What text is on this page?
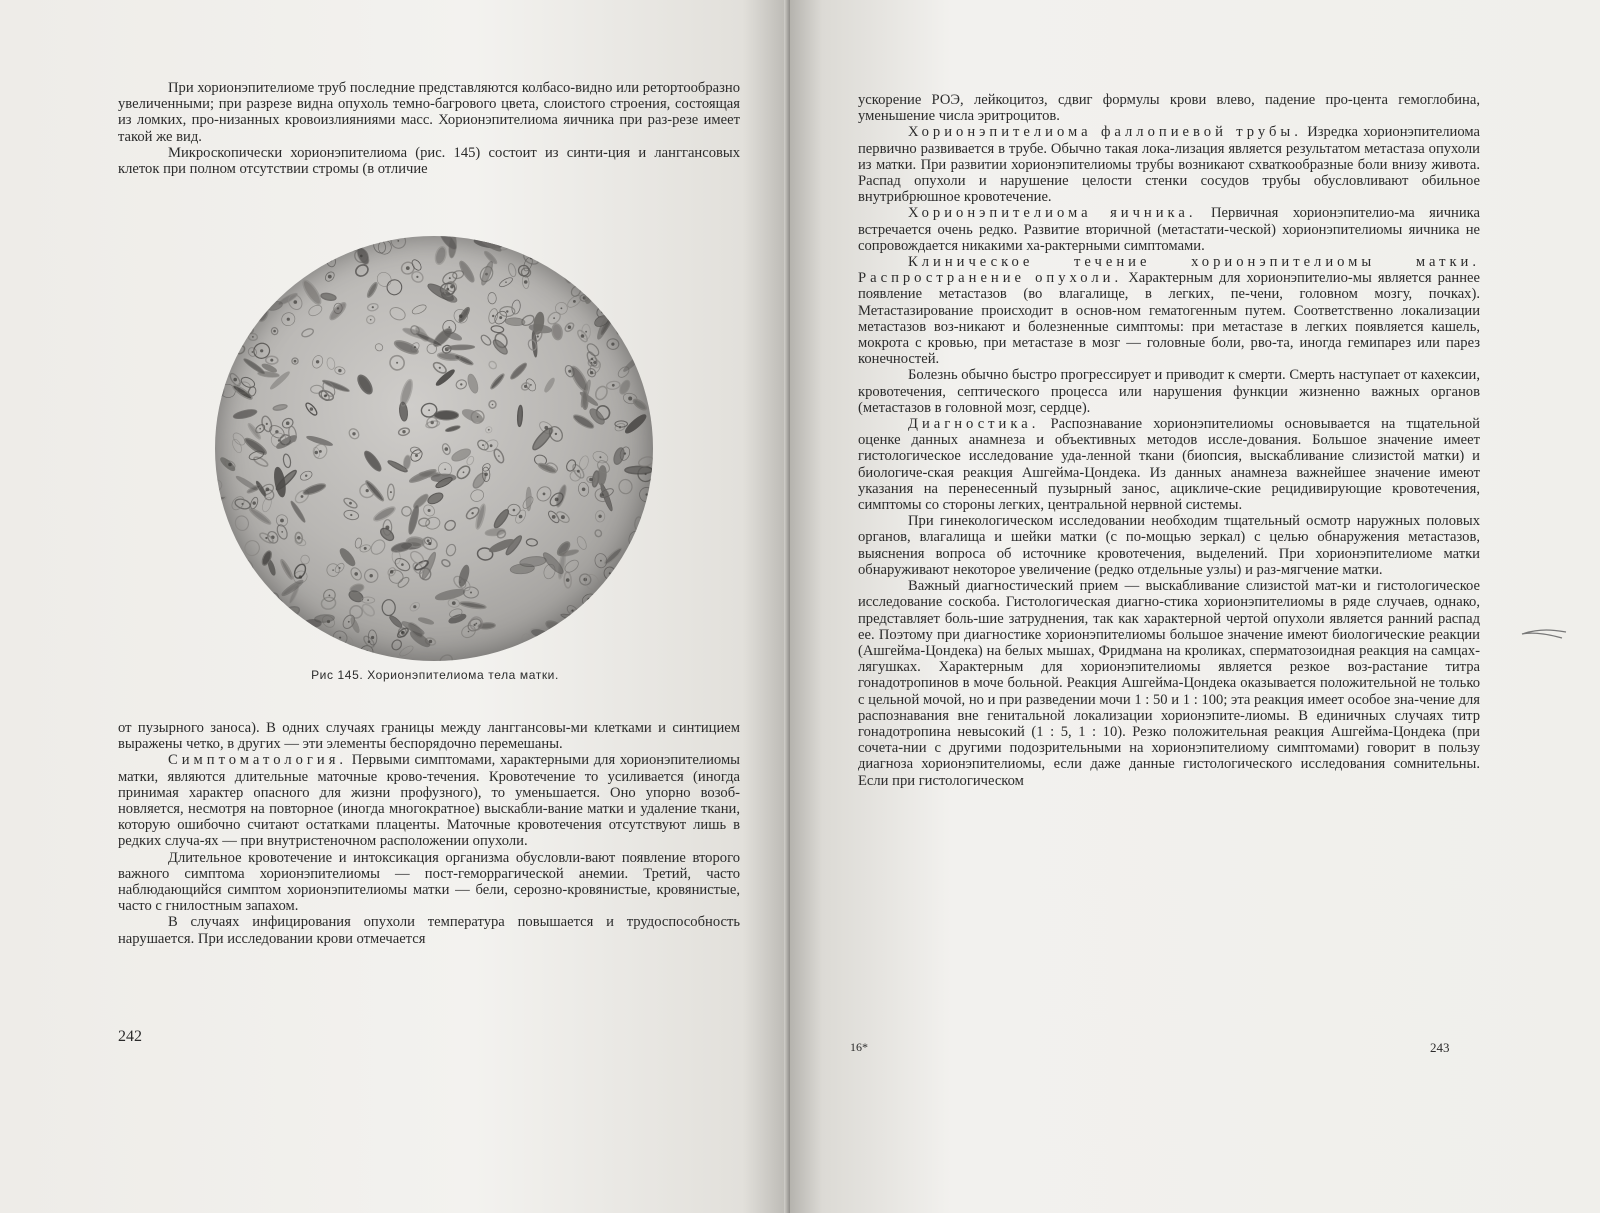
При хорионэпителиоме труб последние представляются колбасо-видно или ретортообразно увеличенными; при разрезе видна опухоль темно-багрового цвета, слоистого строения, состоящая из ломких, про-низанных кровоизлияниями масс. Хорионэпителиома яичника при раз-резе имеет такой же вид.

Микроскопически хорионэпителиома (рис. 145) состоит из синти-ция и лангганcовых клеток при полном отсутствии стромы (в отличие

Рис 145. Хорионэпителиома тела матки.

от пузырного заноса). В одних случаях границы между лангганcовы-ми клетками и синтицием выражены четко, в других — эти элементы беспорядочно перемешаны.

Симптоматология. Первыми симптомами, характерными для хорионэпителиомы матки, являются длительные маточные крово-течения. Кровотечение то усиливается (иногда принимая характер опасного для жизни профузного), то уменьшается. Оно упорно возоб-новляется, несмотря на повторное (иногда многократное) выскабли-вание матки и удаление ткани, которую ошибочно считают остатками плаценты. Маточные кровотечения отсутствуют лишь в редких случа-ях — при внутристеночном расположении опухоли.

Длительное кровотечение и интоксикация организма обусловли-вают появление второго важного симптома хорионэпителиомы — пост-геморрагической анемии. Третий, часто наблюдающийся симптом хорионэпителиомы матки — бели, серозно-кровянистые, кровянистые, часто с гнилостным запахом.

В случаях инфицирования опухоли температура повышается и трудоспособность нарушается. При исследовании крови отмечается

242

ускорение РОЭ, лейкоцитоз, сдвиг формулы крови влево, падение про-цента гемоглобина, уменьшение числа эритроцитов.

Хорионэпителиома фаллопиевой трубы. Изредка хорионэпителиома первично развивается в трубе. Обычно такая лока-лизация является результатом метастаза опухоли из матки. При развитии хорионэпителиомы трубы возникают схваткообразные боли внизу живота. Распад опухоли и нарушение целости стенки сосудов трубы обусловливают обильное внутрибрюшное кровотечение.

Хорионэпителиома яичника. Первичная хорионэпителио-ма яичника встречается очень редко. Развитие вторичной (метастати-ческой) хорионэпителиомы яичника не сопровождается никакими ха-рактерными симптомами.

Клиническое течение хорионэпителиомы матки. Распространение опухоли. Характерным для хорионэпителио-мы является раннее появление метастазов (во влагалище, в легких, пе-чени, головном мозгу, почках). Метастазирование происходит в основ-ном гематогенным путем. Соответственно локализации метастазов воз-никают и болезненные симптомы: при метастазе в легких появляется кашель, мокрота с кровью, при метастазе в мозг — головные боли, рво-та, иногда гемипарез или парез конечностей.

Болезнь обычно быстро прогрессирует и приводит к смерти. Смерть наступает от кахексии, кровотечения, септического процесса или нарушения функции жизненно важных органов (метастазов в головной мозг, сердце).

Диагностика. Распознавание хорионэпителиомы основывается на тщательной оценке данных анамнеза и объективных методов иссле-дования. Большое значение имеет гистологическое исследование уда-ленной ткани (биопсия, выскабливание слизистой матки) и биологиче-ская реакция Ашгейма-Цондека. Из данных анамнеза важнейшее значение имеют указания на перенесенный пузырный занос, ацикличе-ские рецидивирующие кровотечения, симптомы со стороны легких, центральной нервной системы.

При гинекологическом исследовании необходим тщательный осмотр наружных половых органов, влагалища и шейки матки (с по-мощью зеркал) с целью обнаружения метастазов, выяснения вопроса об источнике кровотечения, выделений. При хорионэпителиоме матки обнаруживают некоторое увеличение (редко отдельные узлы) и раз-мягчение матки.

Важный диагностический прием — выскабливание слизистой мат-ки и гистологическое исследование соскоба. Гистологическая диагно-стика хорионэпителиомы в ряде случаев, однако, представляет боль-шие затруднения, так как характерной чертой опухоли является ранний распад ее. Поэтому при диагностике хорионэпителиомы большое значение имеют биологические реакции (Ашгейма-Цондека) на белых мышах, Фридмана на кроликах, сперматозоидная реакция на самцах-лягушках. Характерным для хорионэпителиомы является резкое воз-растание титра гонадотропинов в моче больной. Реакция Ашгейма-Цондека оказывается положительной не только с цельной мочой, но и при разведении мочи 1 : 50 и 1 : 100; эта реакция имеет особое зна-чение для распознавания вне генитальной локализации хорионэпите-лиомы. В единичных случаях титр гонадотропина невысокий (1 : 5, 1 : 10). Резко положительная реакция Ашгейма-Цондека (при сочета-нии с другими подозрительными на хорионэпителиому симптомами) говорит в пользу диагноза хорионэпителиомы, если даже данные гистологического исследования сомнительны. Если при гистологическом

16*	243
